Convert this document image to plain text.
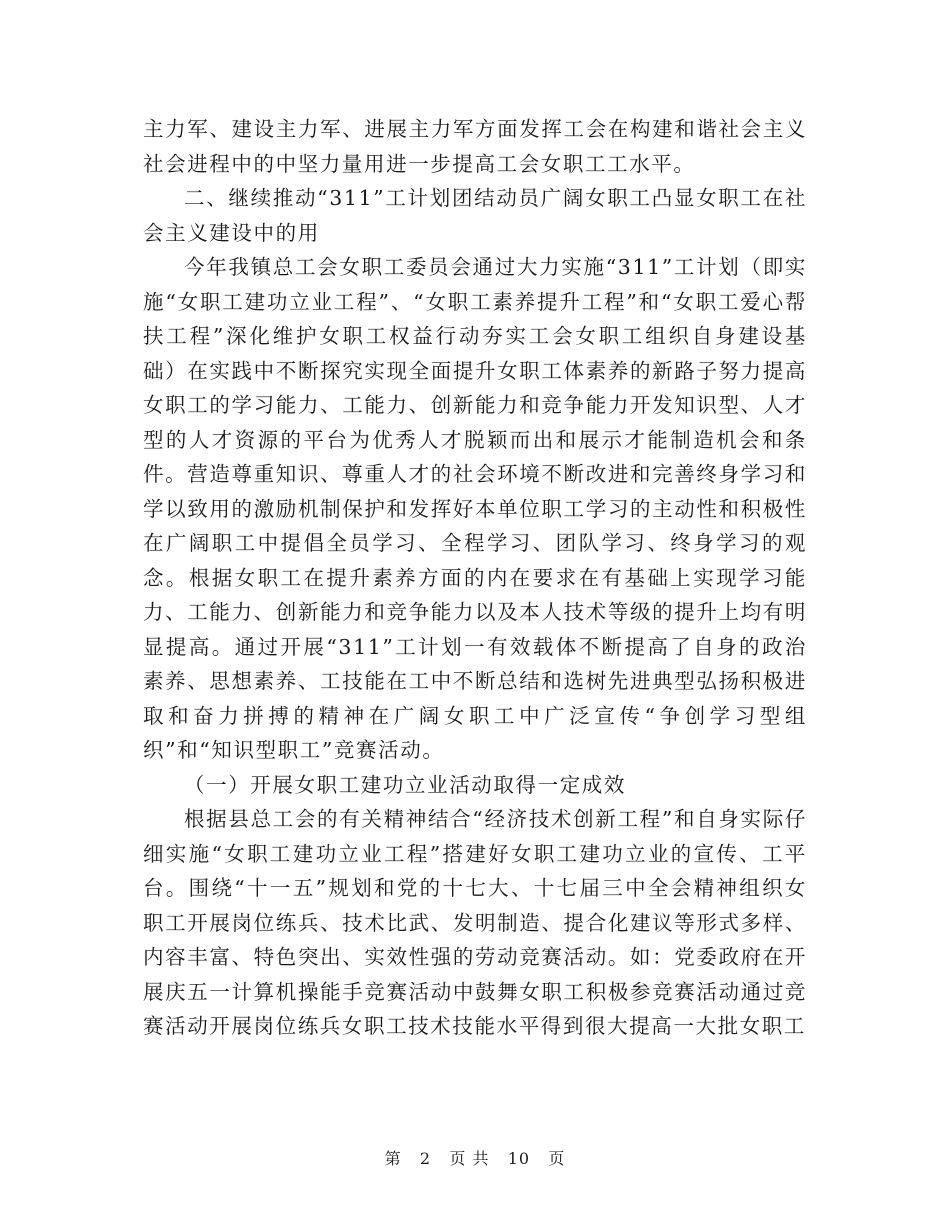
主力军、建设主力军、进展主力军方面发挥工会在构建和谐社会主义社会进程中的中坚力量用进一步提高工会女职工工水平。

二、继续推动“311”工计划团结动员广阔女职工凸显女职工在社会主义建设中的用

今年我镇总工会女职工委员会通过大力实施“311”工计划（即实施“女职工建功立业工程”、“女职工素养提升工程”和“女职工爱心帮扶工程”深化维护女职工权益行动夯实工会女职工组织自身建设基础）在实践中不断探究实现全面提升女职工体素养的新路子努力提高女职工的学习能力、工能力、创新能力和竞争能力开发知识型、人才型的人才资源的平台为优秀人才脱颖而出和展示才能制造机会和条件。营造尊重知识、尊重人才的社会环境不断改进和完善终身学习和学以致用的激励机制保护和发挥好本单位职工学习的主动性和积极性在广阔职工中提倡全员学习、全程学习、团队学习、终身学习的观念。根据女职工在提升素养方面的内在要求在有基础上实现学习能力、工能力、创新能力和竞争能力以及本人技术等级的提升上均有明显提高。通过开展“311”工计划一有效载体不断提高了自身的政治素养、思想素养、工技能在工中不断总结和选树先进典型弘扬积极进取和奋力拼搏的精神在广阔女职工中广泛宣传“争创学习型组织”和“知识型职工”竞赛活动。

（一）开展女职工建功立业活动取得一定成效

根据县总工会的有关精神结合“经济技术创新工程”和自身实际仔细实施“女职工建功立业工程”搭建好女职工建功立业的宣传、工平台。围绕“十一五”规划和党的十七大、十七届三中全会精神组织女职工开展岗位练兵、技术比武、发明制造、提合化建议等形式多样、内容丰富、特色突出、实效性强的劳动竞赛活动。如：党委政府在开展庆五一计算机操能手竞赛活动中鼓舞女职工积极参竞赛活动通过竞赛活动开展岗位练兵女职工技术技能水平得到很大提高一大批女职工

第 2 页 共 10 页
